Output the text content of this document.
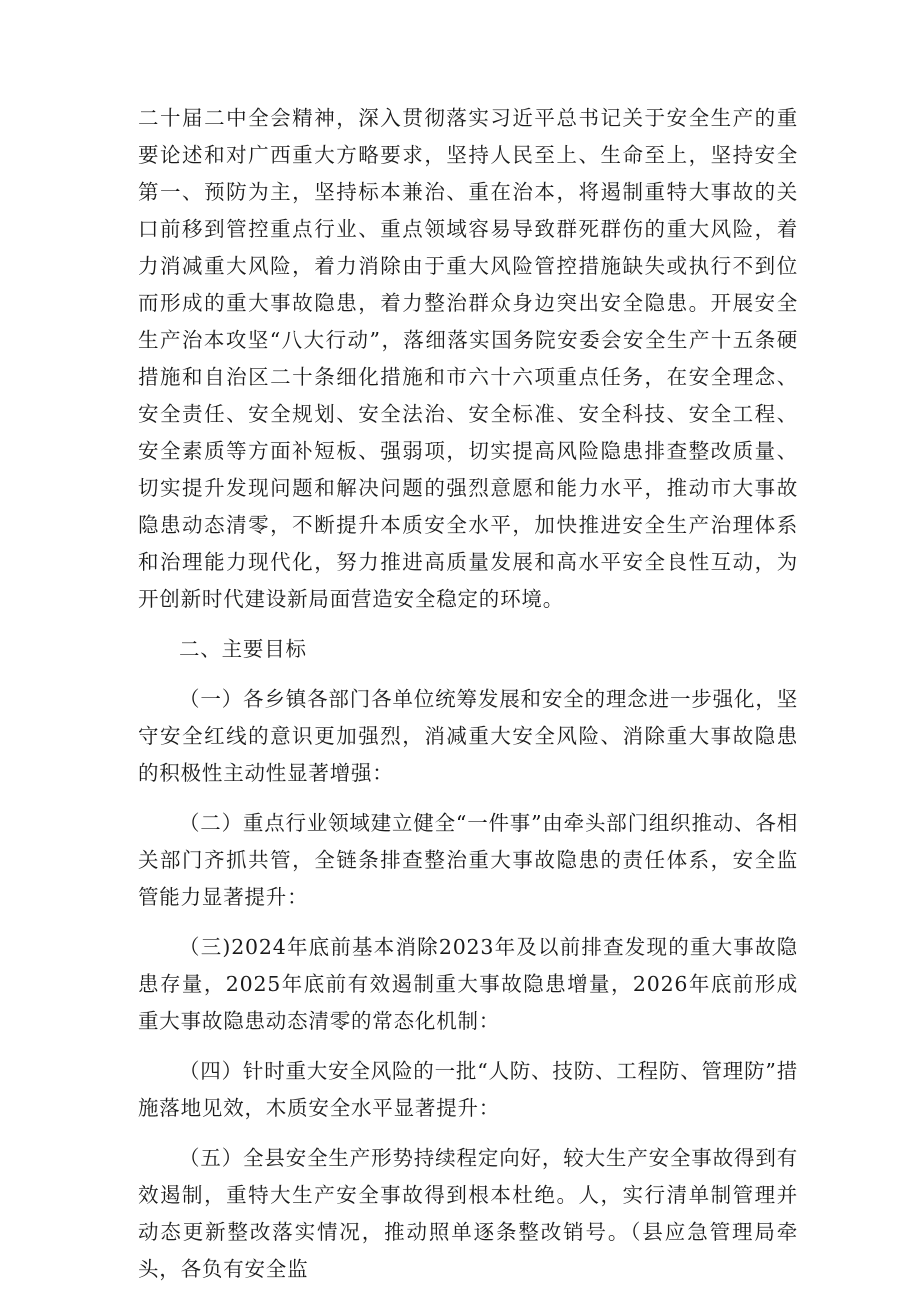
二十届二中全会精神，深入贯彻落实习近平总书记关于安全生产的重要论述和对广西重大方略要求，坚持人民至上、生命至上，坚持安全第一、预防为主，坚持标本兼治、重在治本，将遏制重特大事故的关口前移到管控重点行业、重点领域容易导致群死群伤的重大风险，着力消减重大风险，着力消除由于重大风险管控措施缺失或执行不到位而形成的重大事故隐患，着力整治群众身边突出安全隐患。开展安全生产治本攻坚“八大行动”，落细落实国务院安委会安全生产十五条硬措施和自治区二十条细化措施和市六十六项重点任务，在安全理念、安全责任、安全规划、安全法治、安全标准、安全科技、安全工程、安全素质等方面补短板、强弱项，切实提高风险隐患排查整改质量、切实提升发现问题和解决问题的强烈意愿和能力水平，推动市大事故隐患动态清零，不断提升本质安全水平，加快推进安全生产治理体系和治理能力现代化，努力推进高质量发展和高水平安全良性互动，为开创新时代建设新局面营造安全稳定的环境。

二、主要目标

（一）各乡镇各部门各单位统筹发展和安全的理念进一步强化，坚守安全红线的意识更加强烈，消减重大安全风险、消除重大事故隐患的积极性主动性显著增强：

（二）重点行业领域建立健全“一件事”由牵头部门组织推动、各相关部门齐抓共管，全链条排查整治重大事故隐患的责任体系，安全监管能力显著提升：

（三)2024年底前基本消除2023年及以前排查发现的重大事故隐患存量，2025年底前有效遏制重大事故隐患增量，2026年底前形成重大事故隐患动态清零的常态化机制：

（四）针时重大安全风险的一批“人防、技防、工程防、管理防”措施落地见效，木质安全水平显著提升：

（五）全县安全生产形势持续程定向好，较大生产安全事故得到有效遏制，重特大生产安全事故得到根本杜绝。人，实行清单制管理并动态更新整改落实情况，推动照单逐条整改销号。（县应急管理局牵头，各负有安全监
